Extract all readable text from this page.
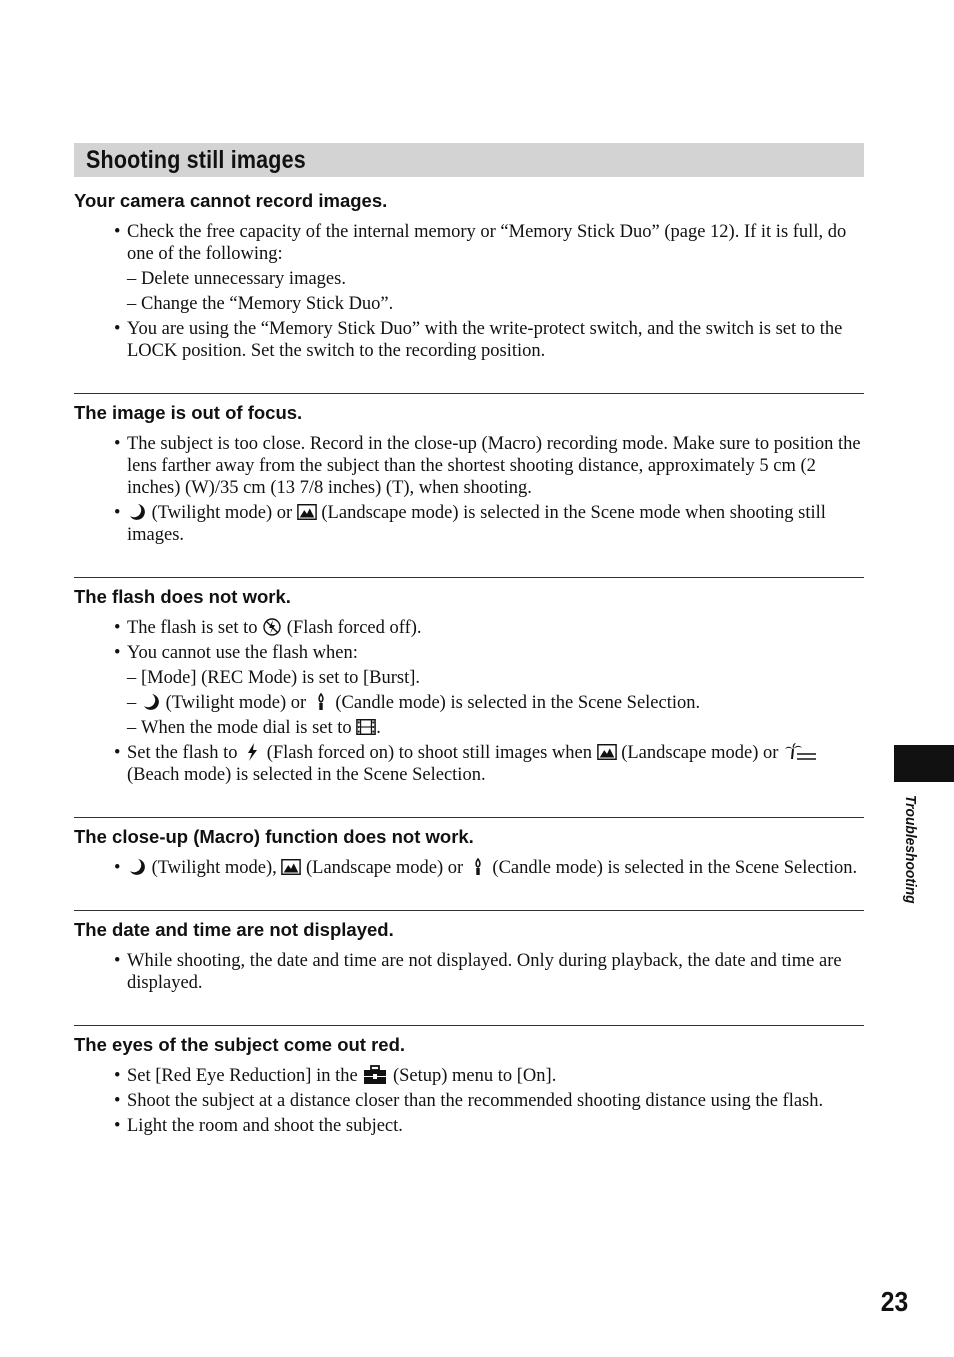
Shooting still images
Your camera cannot record images.
• Check the free capacity of the internal memory or “Memory Stick Duo” (page 12). If it is full, do one of the following:
– Delete unnecessary images.
– Change the “Memory Stick Duo”.
• You are using the “Memory Stick Duo” with the write-protect switch, and the switch is set to the LOCK position. Set the switch to the recording position.
The image is out of focus.
• The subject is too close. Record in the close-up (Macro) recording mode. Make sure to position the lens farther away from the subject than the shortest shooting distance, approximately 5 cm (2 inches) (W)/35 cm (13 7/8 inches) (T), when shooting.
• (Twilight mode) or  (Landscape mode) is selected in the Scene mode when shooting still images.
The flash does not work.
• The flash is set to  (Flash forced off).
• You cannot use the flash when:
– [Mode] (REC Mode) is set to [Burst].
–  (Twilight mode) or  (Candle mode) is selected in the Scene Selection.
– When the mode dial is set to .
• Set the flash to  (Flash forced on) to shoot still images when  (Landscape mode) or  (Beach mode) is selected in the Scene Selection.
The close-up (Macro) function does not work.
• (Twilight mode),  (Landscape mode) or  (Candle mode) is selected in the Scene Selection.
The date and time are not displayed.
• While shooting, the date and time are not displayed. Only during playback, the date and time are displayed.
The eyes of the subject come out red.
• Set [Red Eye Reduction] in the  (Setup) menu to [On].
• Shoot the subject at a distance closer than the recommended shooting distance using the flash.
• Light the room and shoot the subject.
Troubleshooting
23
